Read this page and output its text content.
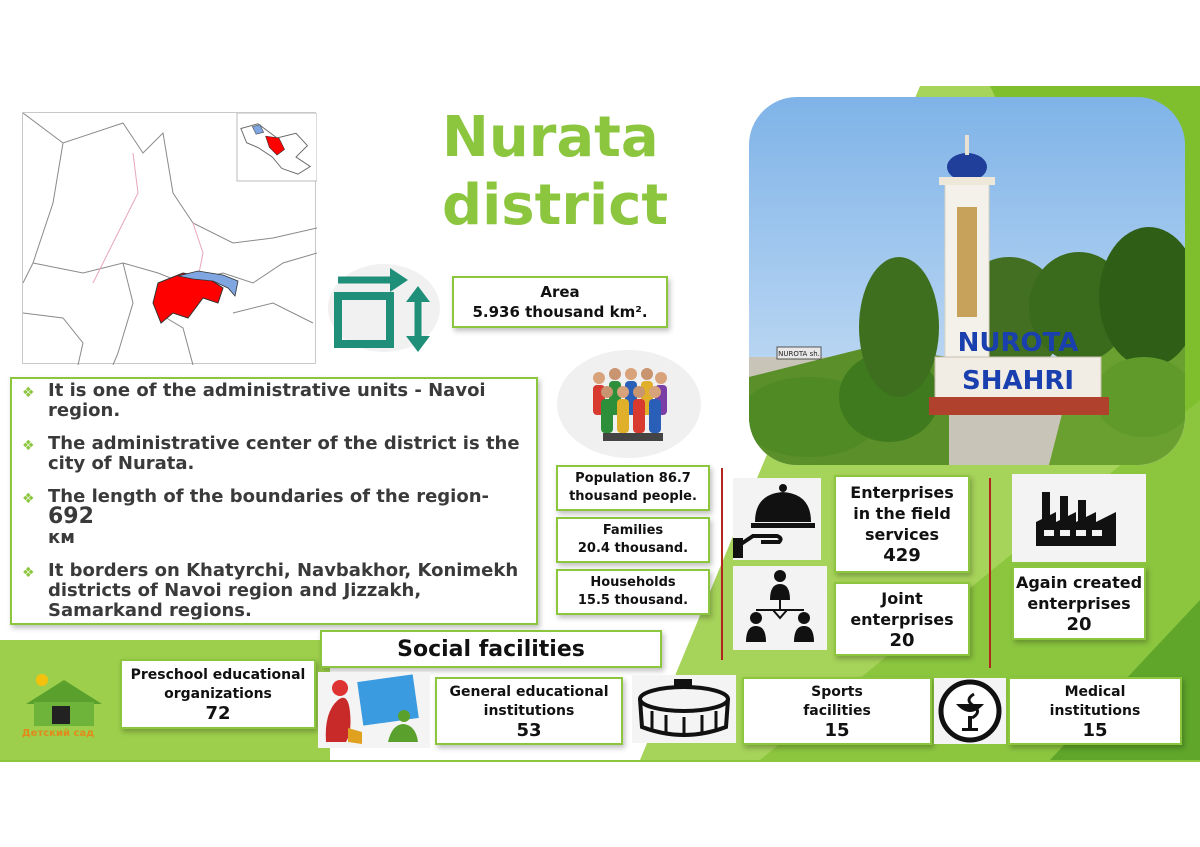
Nurata
district
Area
5.936 thousand km².
NUROTA
SHAHRI
NUROTA sh.
❖ It is one of the administrative units - Navoi region.
❖ The administrative center of the district is the city of Nurata.
❖ The length of the boundaries of the region- 692
км
❖ It borders on Khatyrchi, Navbakhor, Konimekh districts of Navoi region and Jizzakh, Samarkand regions.
Population 86.7
thousand people.
Families
20.4 thousand.
Households
15.5 thousand.
Enterprises
in the field
services
429
Joint
enterprises
20
Again created
enterprises
20
Social facilities
Детский сад
Preschool educational
organizations
72
General educational
institutions
53
Sports
facilities
15
Medical
institutions
15
